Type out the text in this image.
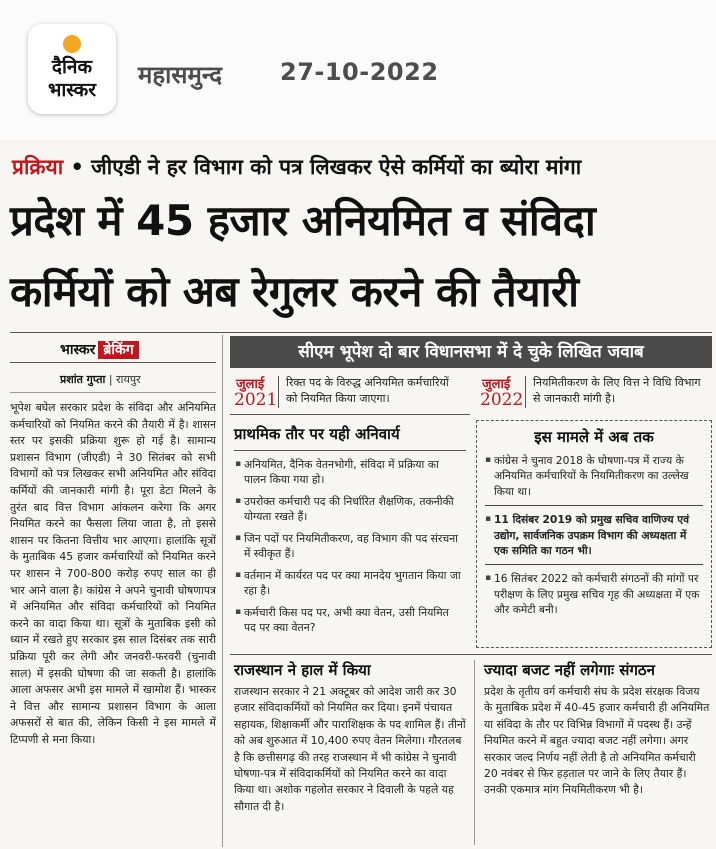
दैनिक
भास्कर
महासमुन्द 27-10-2022
प्रक्रिया • जीएडी ने हर विभाग को पत्र लिखकर ऐसे कर्मियों का ब्योरा मांगा
प्रदेश में 45 हजार अनियमित व संविदा
कर्मियों को अब रेगुलर करने की तैयारी
भास्कर ब्रेकिंग
प्रशांत गुप्ता | रायपुर
भूपेश बघेल सरकार प्रदेश के संविदा और अनियमित कर्मचारियों को नियमित करने की तैयारी में है। शासन स्तर पर इसकी प्रक्रिया शुरू हो गई है। सामान्य प्रशासन विभाग (जीएडी) ने 30 सितंबर को सभी विभागों को पत्र लिखकर सभी अनियमित और संविदा कर्मियों की जानकारी मांगी है। पूरा डेटा मिलने के तुरंत बाद वित्त विभाग आंकलन करेगा कि अगर नियमित करने का फैसला लिया जाता है, तो इससे शासन पर कितना वित्तीय भार आएगा। हालांकि सूत्रों के मुताबिक 45 हजार कर्मचारियों को नियमित करने पर शासन ने 700-800 करोड़ रुपए साल का ही भार आने वाला है। कांग्रेस ने अपने चुनावी घोषणापत्र में अनियमित और संविदा कर्मचारियों को नियमित करने का वादा किया था। सूत्रों के मुताबिक इसी को ध्यान में रखते हुए सरकार इस साल दिसंबर तक सारी प्रक्रिया पूरी कर लेगी और जनवरी-फरवरी (चुनावी साल) में इसकी घोषणा की जा सकती है। हालांकि आला अफसर अभी इस मामले में खामोश हैं। भास्कर ने वित्त और सामान्य प्रशासन विभाग के आला अफसरों से बात की, लेकिन किसी ने इस मामले में टिप्पणी से मना किया।
सीएम भूपेश दो बार विधानसभा में दे चुके लिखित जवाब
जुलाई
2021
रिक्त पद के विरुद्ध अनियमित कर्मचारियों को नियमित किया जाएगा।
जुलाई
2022
नियमितीकरण के लिए वित्त ने विधि विभाग से जानकारी मांगी है।
प्राथमिक तौर पर यही अनिवार्य
▪ अनियमित, दैनिक वेतनभोगी, संविदा में प्रक्रिया का पालन किया गया हो।
▪ उपरोक्त कर्मचारी पद की निर्धारित शैक्षणिक, तकनीकी योग्यता रखते हैं।
▪ जिन पदों पर नियमितीकरण, वह विभाग की पद संरचना में स्वीकृत हैं।
▪ वर्तमान में कार्यरत पद पर क्या मानदेय भुगतान किया जा रहा है।
▪ कर्मचारी किस पद पर, अभी क्या वेतन, उसी नियमित पद पर क्या वेतन?
इस मामले में अब तक

▪ कांग्रेस ने चुनाव 2018 के घोषणा-पत्र में राज्य के अनियमित कर्मचारियों के नियमितीकरण का उल्लेख किया था।

▪ 11 दिसंबर 2019 को प्रमुख सचिव वाणिज्य एवं उद्योग, सार्वजनिक उपक्रम विभाग की अध्यक्षता में एक समिति का गठन भी।

▪ 16 सितंबर 2022 को कर्मचारी संगठनों की मांगों पर परीक्षण के लिए प्रमुख सचिव गृह की अध्यक्षता में एक और कमेटी बनी।

राजस्थान ने हाल में किया
राजस्थान सरकार ने 21 अक्टूबर को आदेश जारी कर 30 हजार संविदाकर्मियों को नियमित कर दिया। इनमें पंचायत सहायक, शिक्षाकर्मी और पाराशिक्षक के पद शामिल हैं। तीनों को अब शुरुआत में 10,400 रुपए वेतन मिलेगा। गौरतलब है कि छत्तीसगढ़ की तरह राजस्थान में भी कांग्रेस ने चुनावी घोषणा-पत्र में संविदाकर्मियों को नियमित करने का वादा किया था। अशोक गहलोत सरकार ने दिवाली के पहले यह सौगात दी है।
ज्यादा बजट नहीं लगेगाः संगठन
प्रदेश के तृतीय वर्ग कर्मचारी संघ के प्रदेश संरक्षक विजय के मुताबिक प्रदेश में 40-45 हजार कर्मचारी ही अनियमित या संविदा के तौर पर विभिन्न विभागों में पदस्थ हैं। उन्हें नियमित करने में बहुत ज्यादा बजट नहीं लगेगा। अगर सरकार जल्द निर्णय नहीं लेती है तो अनियमित कर्मचारी 20 नवंबर से फिर हड़ताल पर जाने के लिए तैयार हैं। उनकी एकमात्र मांग नियमितीकरण भी है।
